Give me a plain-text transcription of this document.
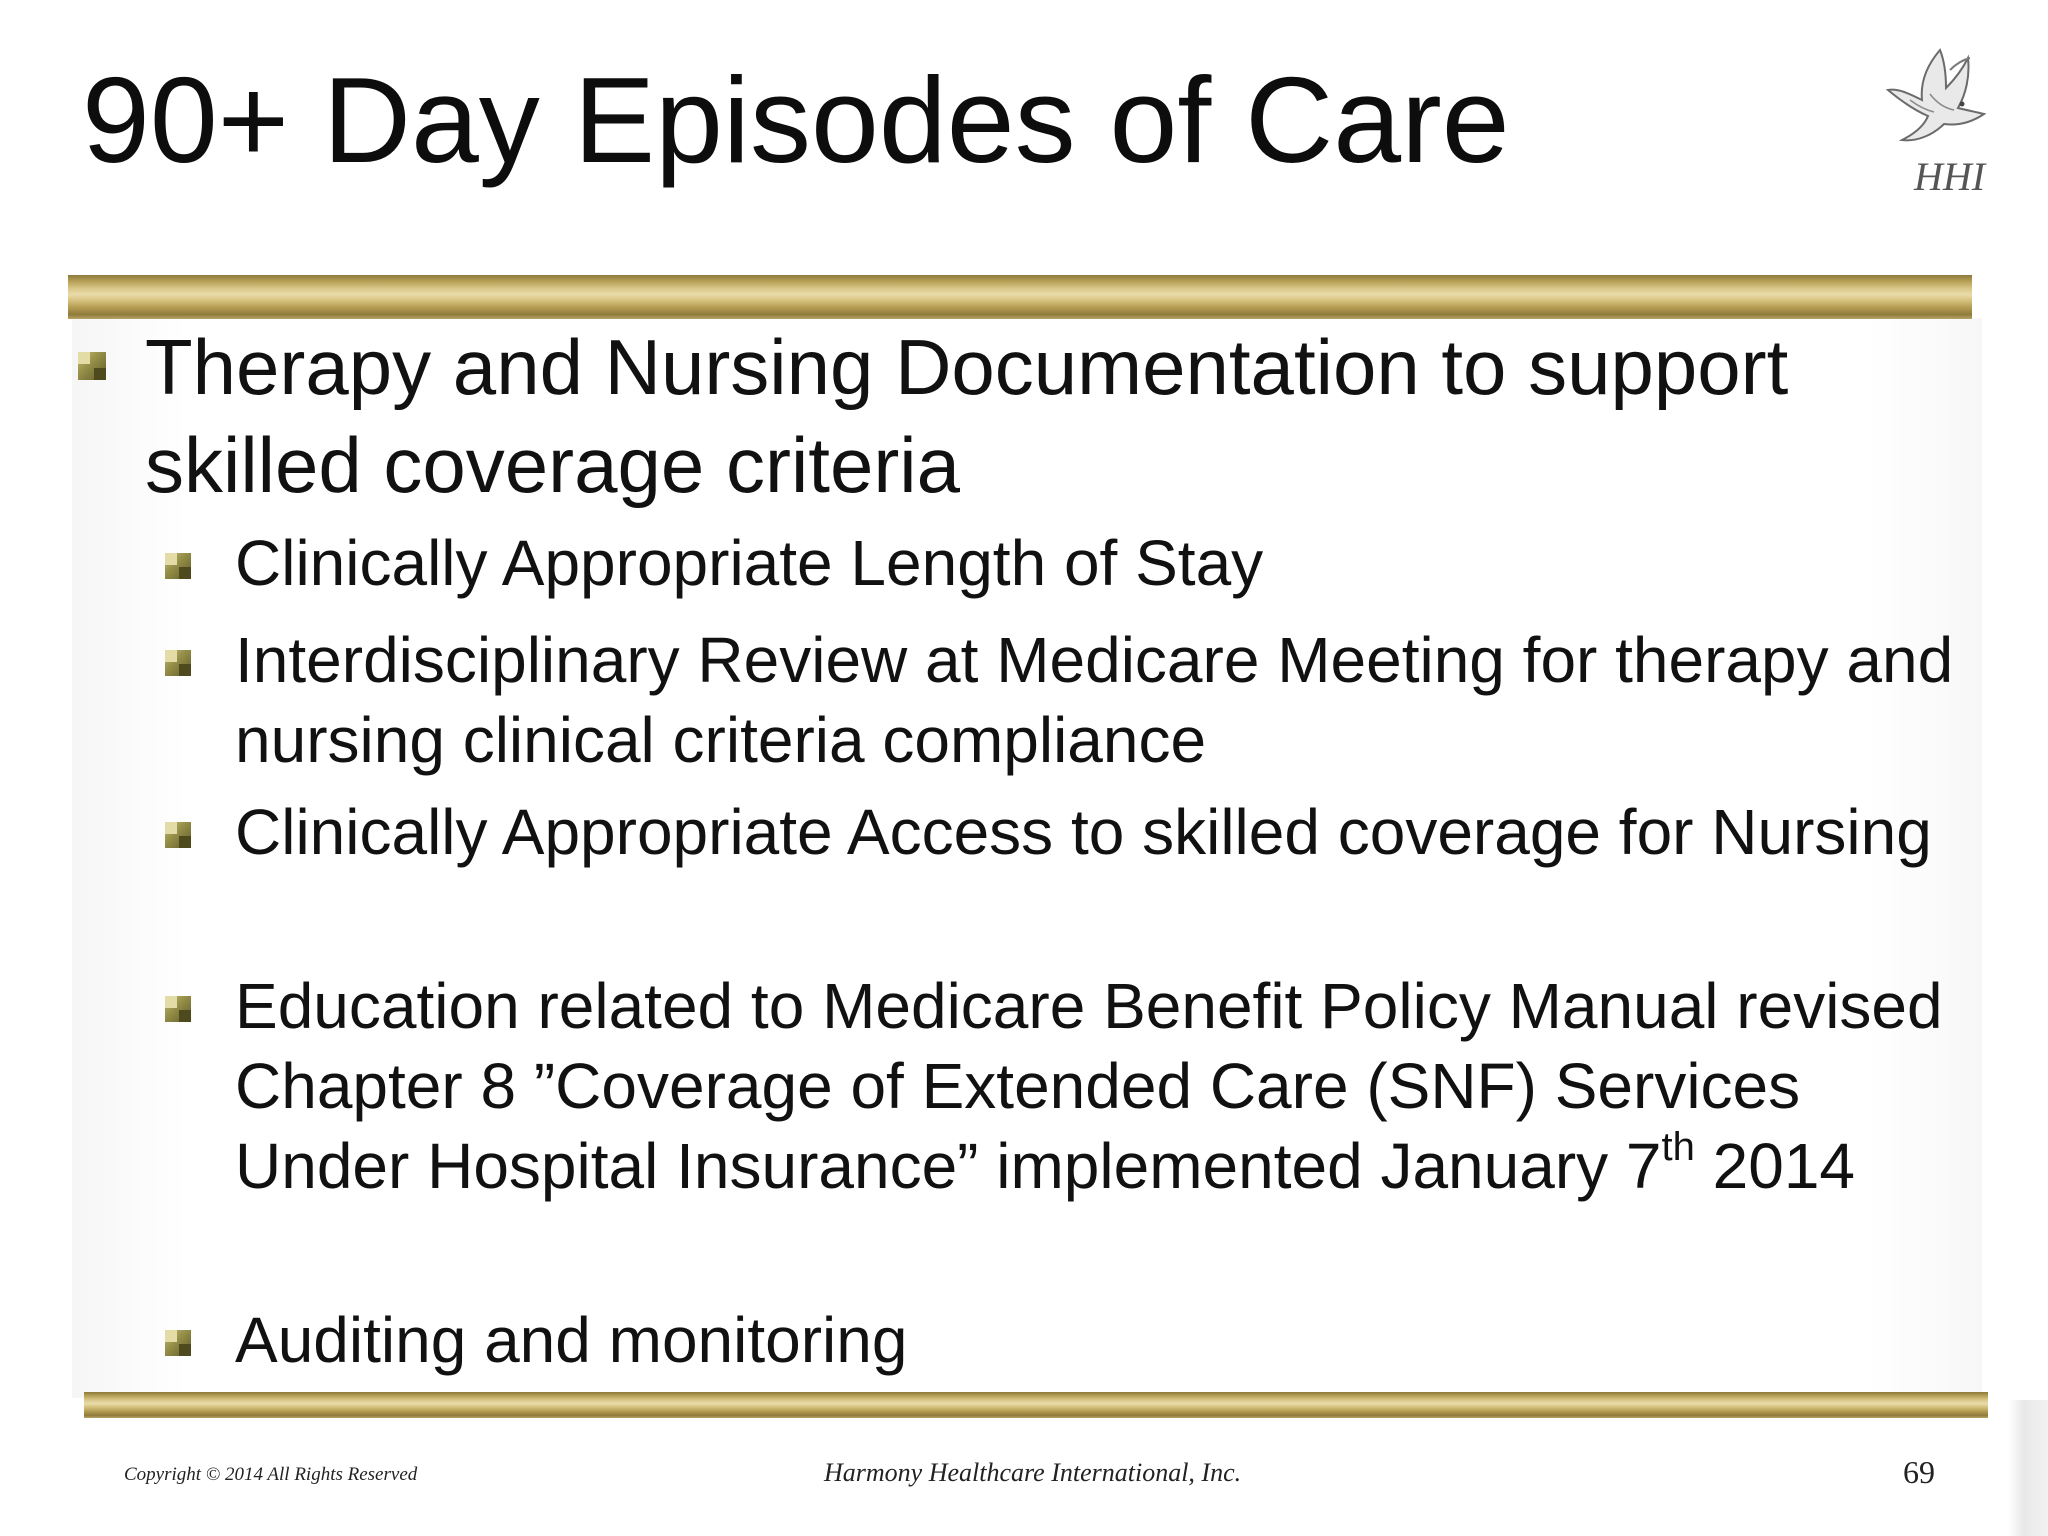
90+ Day Episodes of Care	HHI
Therapy and Nursing Documentation to support skilled coverage criteria
Clinically Appropriate Length of Stay
Interdisciplinary Review at Medicare Meeting for therapy and nursing clinical criteria compliance
Clinically Appropriate Access to skilled coverage for Nursing
Education related to Medicare Benefit Policy Manual revised Chapter 8 ”Coverage of Extended Care (SNF) Services Under Hospital Insurance” implemented January 7th 2014
Auditing and monitoring
Copyright © 2014 All Rights Reserved	Harmony Healthcare International, Inc.	69
